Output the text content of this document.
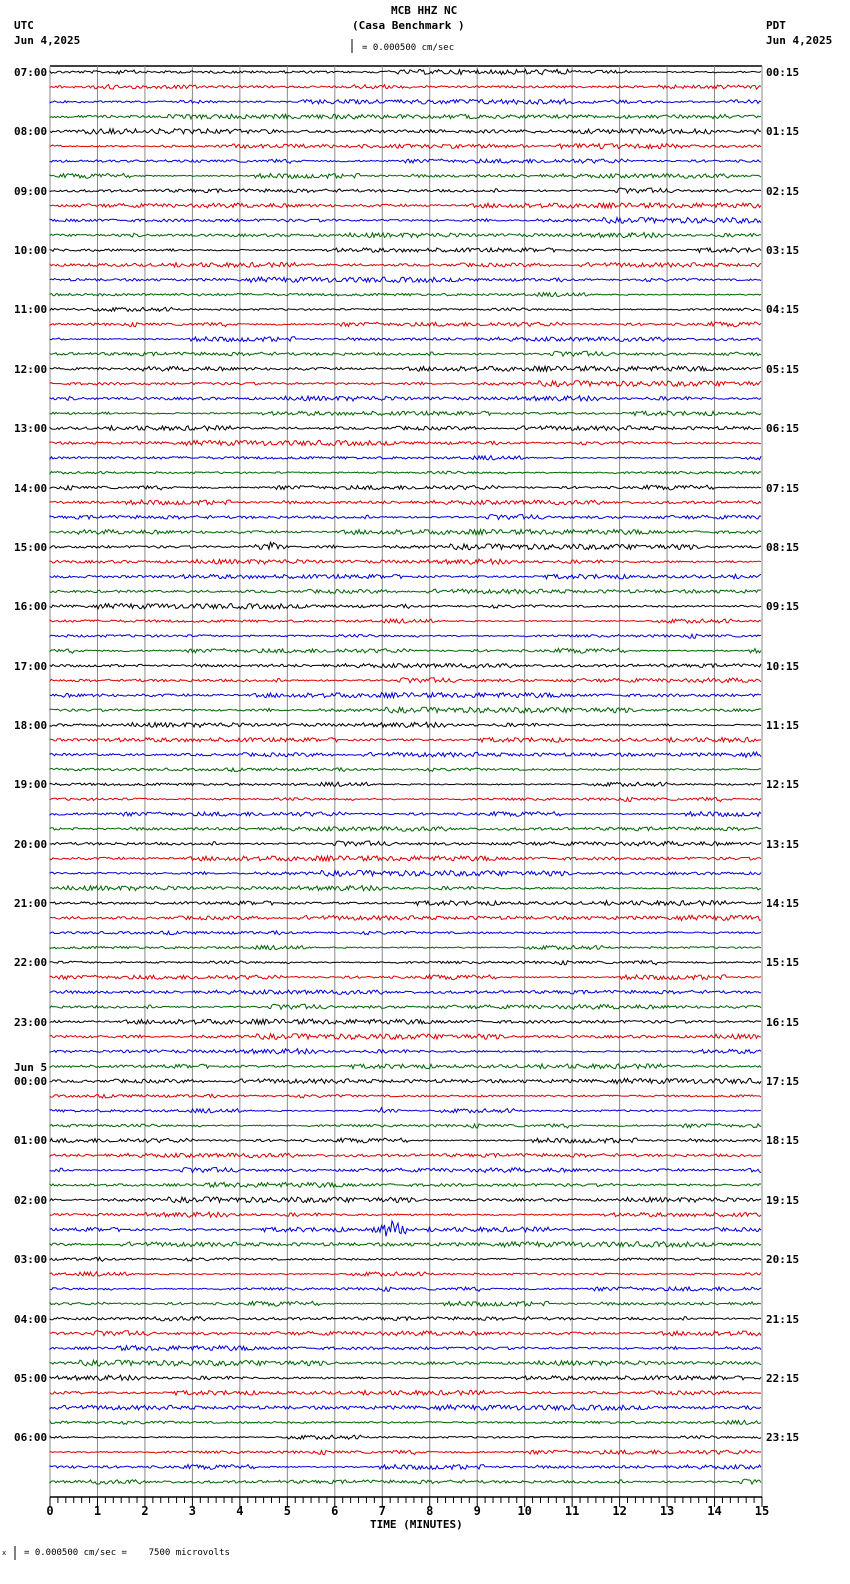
MCB HHZ NC
(Casa Benchmark )
UTC
Jun 4,2025
PDT
Jun 4,2025
= 0.000500 cm/sec
Jun 5
TIME (MINUTES)
x = 0.000500 cm/sec =    7500 microvolts
07:00	00:15
08:00	01:15
09:00	02:15
10:00	03:15
11:00	04:15
12:00	05:15
13:00	06:15
14:00	07:15
15:00	08:15
16:00	09:15
17:00	10:15
18:00	11:15
19:00	12:15
20:00	13:15
21:00	14:15
22:00	15:15
23:00	16:15
00:00	17:15
01:00	18:15
02:00	19:15
03:00	20:15
04:00	21:15
05:00	22:15
06:00	23:15
0	1	2	3	4	5	6	7	8	9	10	11	12	13	14	15
